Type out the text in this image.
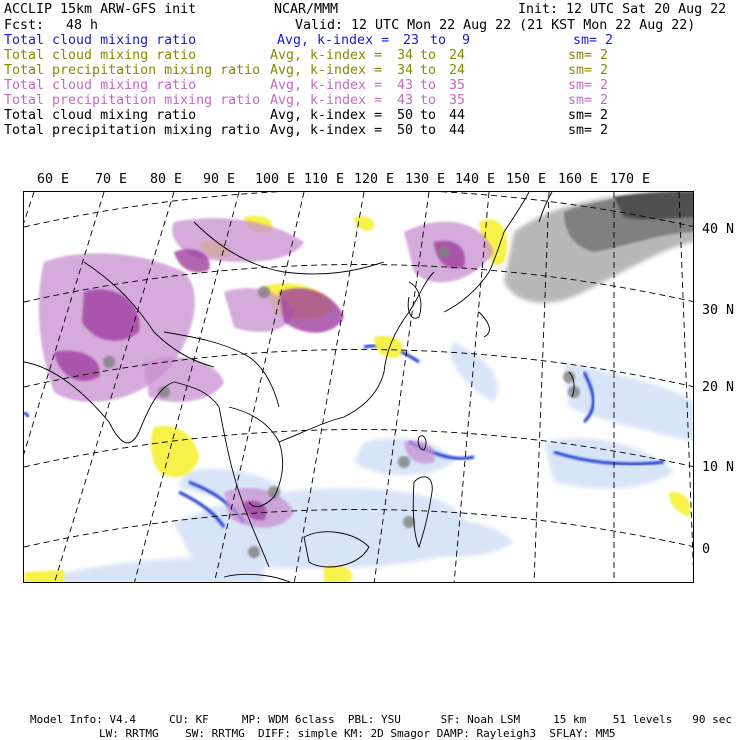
ACCLIP 15km ARW-GFS init	NCAR/MMM	Init: 12 UTC Sat 20 Aug 22
Fcst: 48 h	Valid: 12 UTC Mon 22 Aug 22 (21 KST Mon 22 Aug 22)
Total cloud mixing ratio	Avg, k-index = 23 to 9	sm= 2
Total cloud mixing ratio	Avg, k-index = 34 to 24	sm= 2
Total precipitation mixing ratio Avg, k-index = 34 to 24	sm= 2
Total cloud mixing ratio	Avg, k-index = 43 to 35	sm= 2
Total precipitation mixing ratio Avg, k-index = 43 to 35	sm= 2
Total cloud mixing ratio	Avg, k-index = 50 to 44	sm= 2
Total precipitation mixing ratio Avg, k-index = 50 to 44	sm= 2
60 E 70 E 80 E 90 E 100 E 110 E 120 E 130 E 140 E 150 E 160 E 170 E
40 N
30 N
20 N
10 N
0
Model Info: V4.4     CU: KF     MP: WDM 6class  PBL: YSU      SF: Noah LSM     15 km    51 levels   90 sec
LW: RRTMG    SW: RRTMG  DIFF: simple KM: 2D Smagor DAMP: Rayleigh3  SFLAY: MM5
